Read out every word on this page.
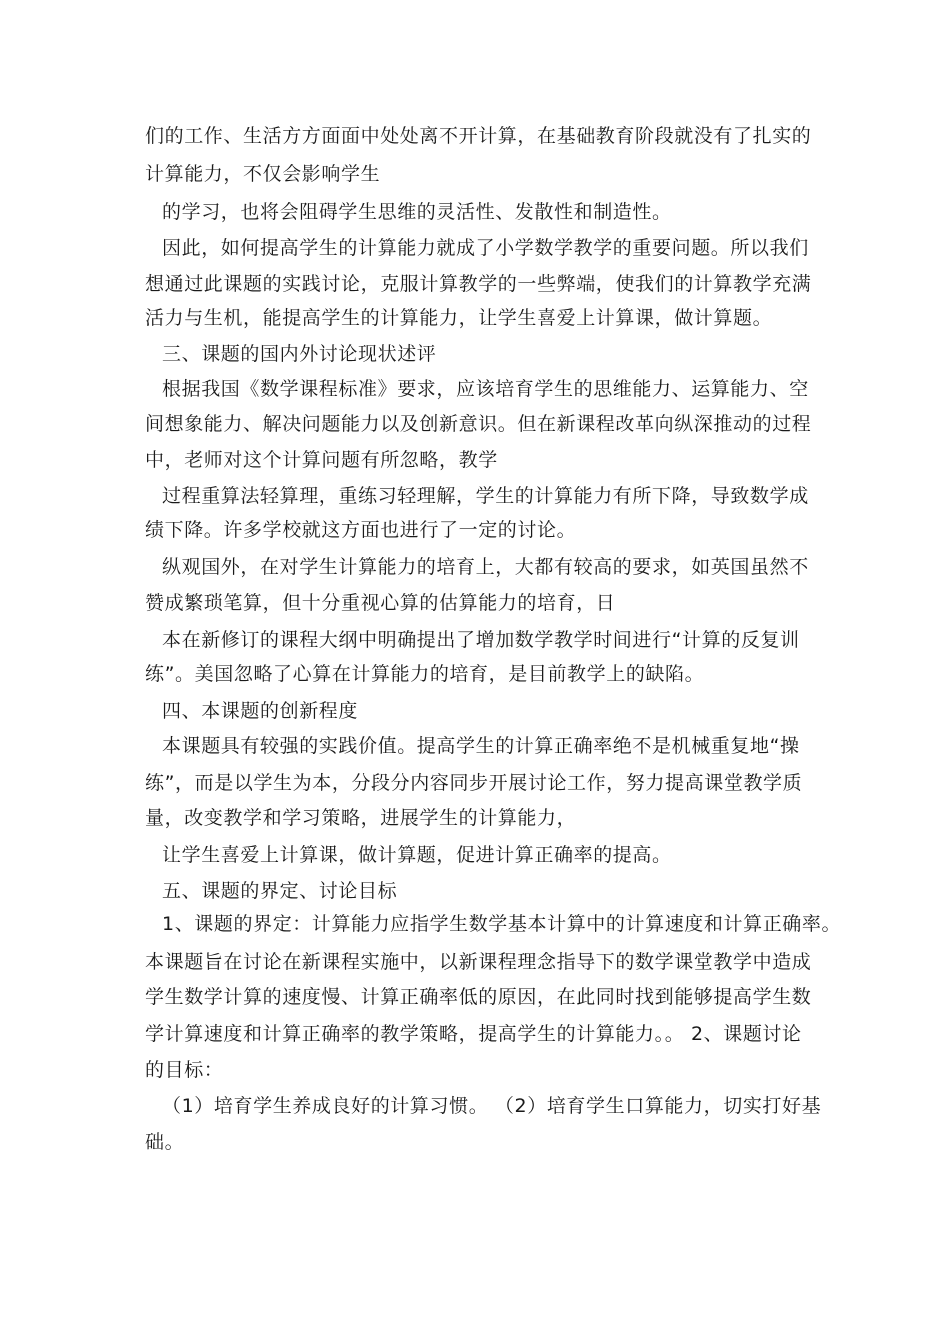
们的工作、生活方方面面中处处离不开计算，在基础教育阶段就没有了扎实的
计算能力，不仅会影响学生
的学习，也将会阻碍学生思维的灵活性、发散性和制造性。
因此，如何提高学生的计算能力就成了小学数学教学的重要问题。所以我们
想通过此课题的实践讨论，克服计算教学的一些弊端，使我们的计算教学充满
活力与生机，能提高学生的计算能力，让学生喜爱上计算课，做计算题。
三、课题的国内外讨论现状述评
根据我国《数学课程标准》要求，应该培育学生的思维能力、运算能力、空
间想象能力、解决问题能力以及创新意识。但在新课程改革向纵深推动的过程
中，老师对这个计算问题有所忽略，教学
过程重算法轻算理，重练习轻理解，学生的计算能力有所下降，导致数学成
绩下降。许多学校就这方面也进行了一定的讨论。
纵观国外，在对学生计算能力的培育上，大都有较高的要求，如英国虽然不
赞成繁琐笔算，但十分重视心算的估算能力的培育，日
本在新修订的课程大纲中明确提出了增加数学教学时间进行“计算的反复训
练”。美国忽略了心算在计算能力的培育，是目前教学上的缺陷。
四、本课题的创新程度
本课题具有较强的实践价值。提高学生的计算正确率绝不是机械重复地“操
练”，而是以学生为本，分段分内容同步开展讨论工作，努力提高课堂教学质
量，改变教学和学习策略，进展学生的计算能力，
让学生喜爱上计算课，做计算题，促进计算正确率的提高。
五、课题的界定、讨论目标
1、课题的界定：计算能力应指学生数学基本计算中的计算速度和计算正确率。
本课题旨在讨论在新课程实施中，以新课程理念指导下的数学课堂教学中造成
学生数学计算的速度慢、计算正确率低的原因，在此同时找到能够提高学生数
学计算速度和计算正确率的教学策略，提高学生的计算能力。。 2、课题讨论
的目标：
（1）培育学生养成良好的计算习惯。 （2）培育学生口算能力，切实打好基
础。
